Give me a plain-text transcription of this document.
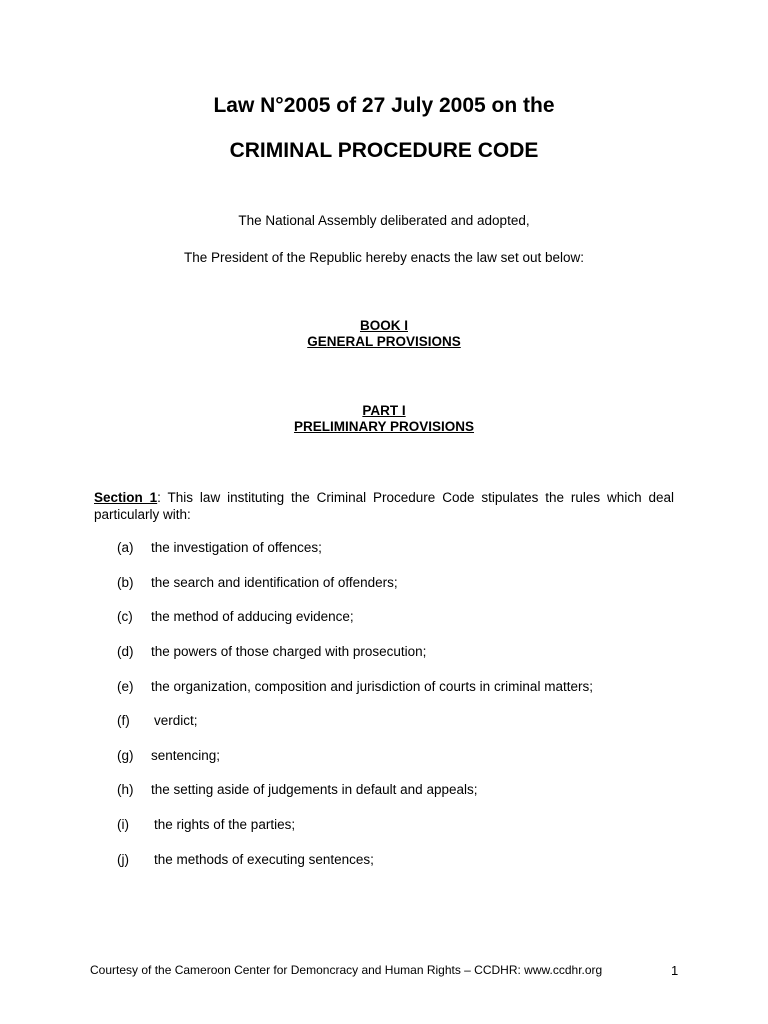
Law N°2005 of 27 July 2005 on the
CRIMINAL PROCEDURE CODE
The National Assembly deliberated and adopted,
The President of the Republic hereby enacts the law set out below:
BOOK I
GENERAL PROVISIONS
PART I
PRELIMINARY PROVISIONS
Section 1: This law instituting the Criminal Procedure Code stipulates the rules which deal particularly with:
(a) the investigation of offences;
(b) the search and identification of offenders;
(c) the method of adducing evidence;
(d) the powers of those charged with prosecution;
(e) the organization, composition and jurisdiction of courts in criminal matters;
(f) verdict;
(g) sentencing;
(h) the setting aside of judgements in default and appeals;
(i) the rights of the parties;
(j) the methods of executing sentences;
Courtesy of the Cameroon Center for Demoncracy and Human Rights – CCDHR: www.ccdhr.org	1
